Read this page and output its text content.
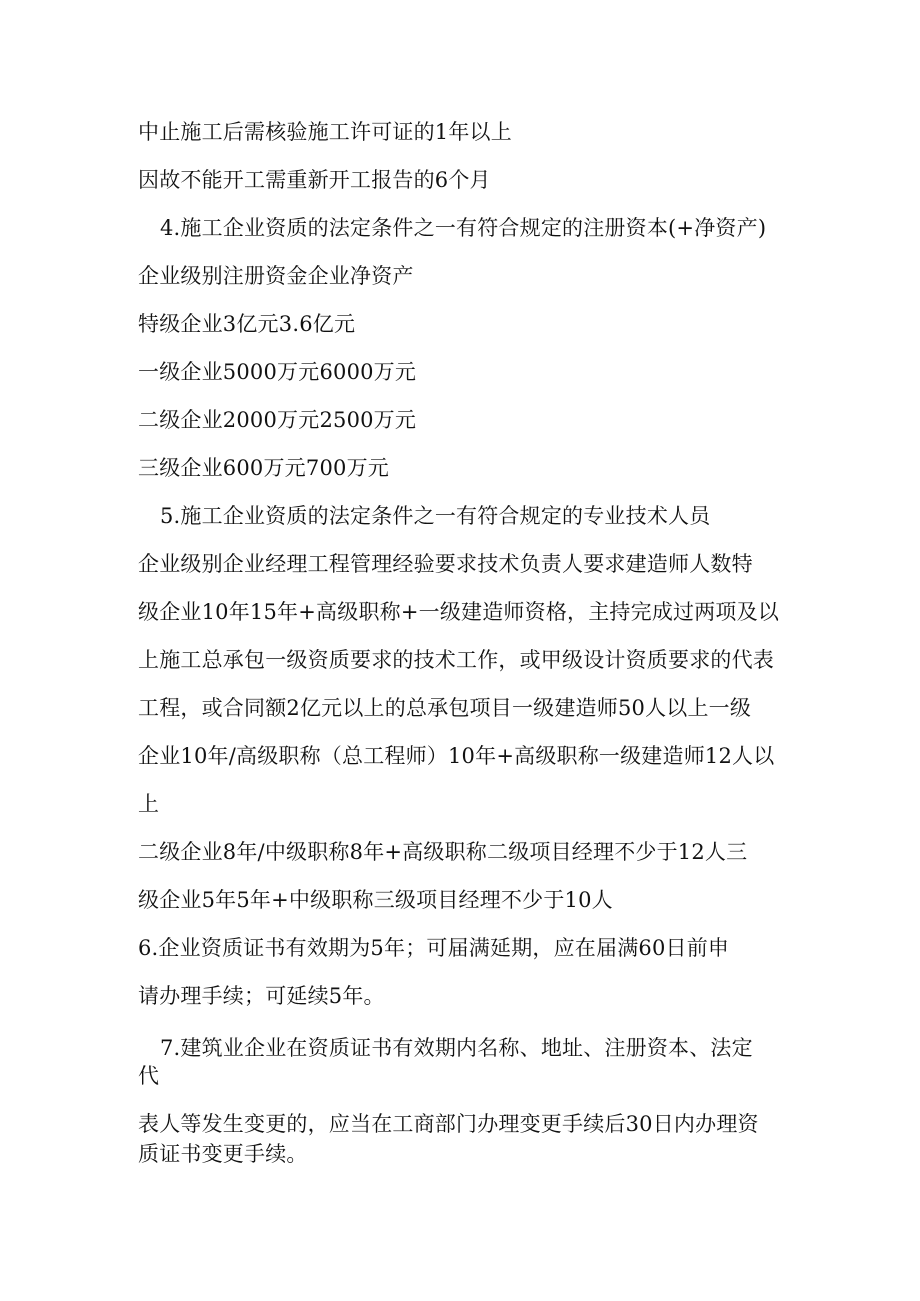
中止施工后需核验施工许可证的1年以上
因故不能开工需重新开工报告的6个月
4.施工企业资质的法定条件之一有符合规定的注册资本(+净资产)
企业级别注册资金企业净资产
特级企业3亿元3.6亿元
一级企业5000万元6000万元
二级企业2000万元2500万元
三级企业600万元700万元
5.施工企业资质的法定条件之一有符合规定的专业技术人员
企业级别企业经理工程管理经验要求技术负责人要求建造师人数特
级企业10年15年+高级职称+一级建造师资格，主持完成过两项及以
上施工总承包一级资质要求的技术工作，或甲级设计资质要求的代表
工程，或合同额2亿元以上的总承包项目一级建造师50人以上一级
企业10年/高级职称（总工程师）10年+高级职称一级建造师12人以
上
二级企业8年/中级职称8年+高级职称二级项目经理不少于12人三
级企业5年5年+中级职称三级项目经理不少于10人
6.企业资质证书有效期为5年；可届满延期，应在届满60日前申
请办理手续；可延续5年。
7.建筑业企业在资质证书有效期内名称、地址、注册资本、法定
代
表人等发生变更的，应当在工商部门办理变更手续后30日内办理资
质证书变更手续。
